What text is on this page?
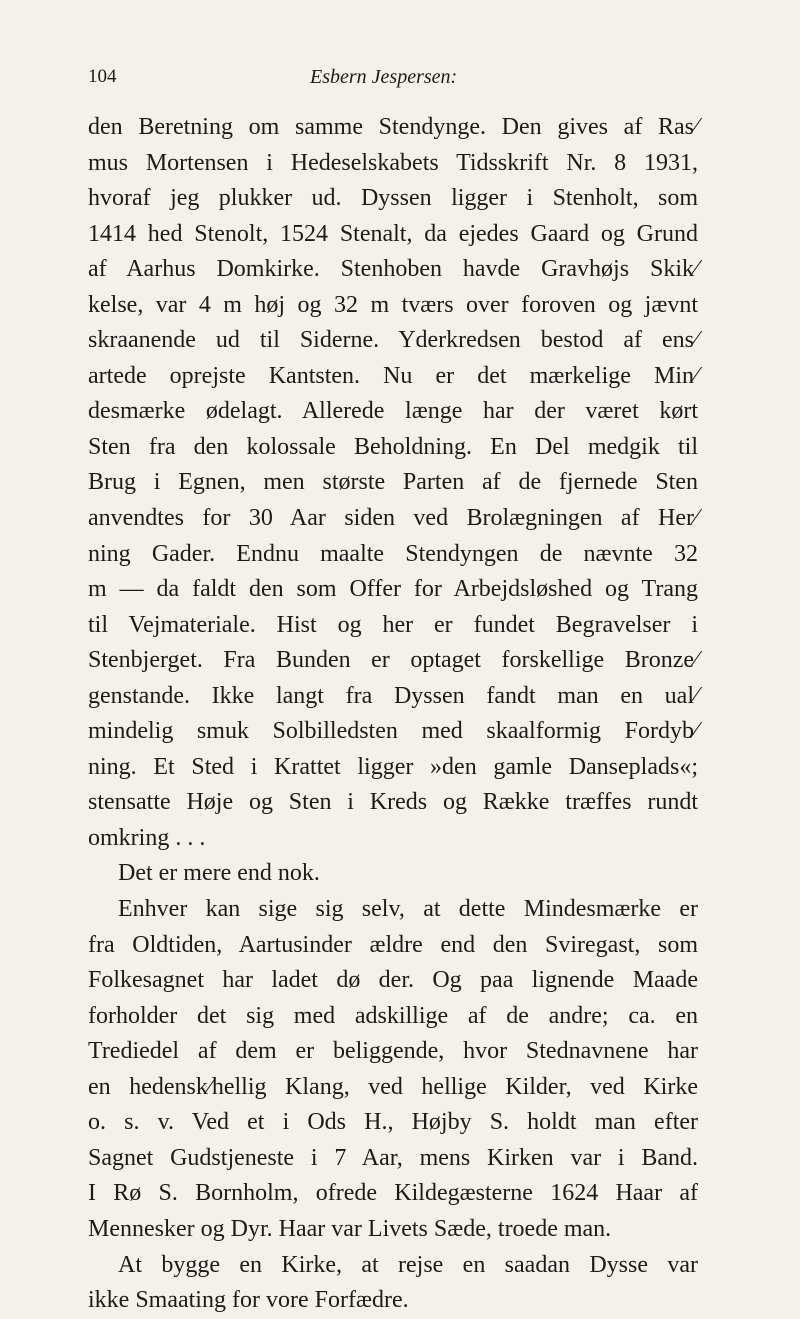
104	Esbern Jespersen:
den Beretning om samme Stendynge. Den gives af Ras⁄
mus Mortensen i Hedeselskabets Tidsskrift Nr. 8 1931,
hvoraf jeg plukker ud. Dyssen ligger i Stenholt, som
1414 hed Stenolt, 1524 Stenalt, da ejedes Gaard og Grund
af Aarhus Domkirke. Stenhoben havde Gravhøjs Skik⁄
kelse, var 4 m høj og 32 m tværs over foroven og jævnt
skraanende ud til Siderne. Yderkredsen bestod af ens⁄
artede oprejste Kantsten. Nu er det mærkelige Min⁄
desmærke ødelagt. Allerede længe har der været kørt
Sten fra den kolossale Beholdning. En Del medgik til
Brug i Egnen, men største Parten af de fjernede Sten
anvendtes for 30 Aar siden ved Brolægningen af Her⁄
ning Gader. Endnu maalte Stendyngen de nævnte 32
m — da faldt den som Offer for Arbejdsløshed og Trang
til Vejmateriale. Hist og her er fundet Begravelser i
Stenbjerget. Fra Bunden er optaget forskellige Bronze⁄
genstande. Ikke langt fra Dyssen fandt man en ual⁄
mindelig smuk Solbilledsten med skaalformig Fordyb⁄
ning. Et Sted i Krattet ligger »den gamle Danseplads«;
stensatte Høje og Sten i Kreds og Række træffes rundt
omkring . . .
Det er mere end nok.
Enhver kan sige sig selv, at dette Mindesmærke er
fra Oldtiden, Aartusinder ældre end den Sviregast, som
Folkesagnet har ladet dø der. Og paa lignende Maade
forholder det sig med adskillige af de andre; ca. en
Trediedel af dem er beliggende, hvor Stednavnene har
en hedensk⁄hellig Klang, ved hellige Kilder, ved Kirke
o. s. v. Ved et i Ods H., Højby S. holdt man efter
Sagnet Gudstjeneste i 7 Aar, mens Kirken var i Band.
I Rø S. Bornholm, ofrede Kildegæsterne 1624 Haar af
Mennesker og Dyr. Haar var Livets Sæde, troede man.
At bygge en Kirke, at rejse en saadan Dysse var
ikke Smaating for vore Forfædre.
